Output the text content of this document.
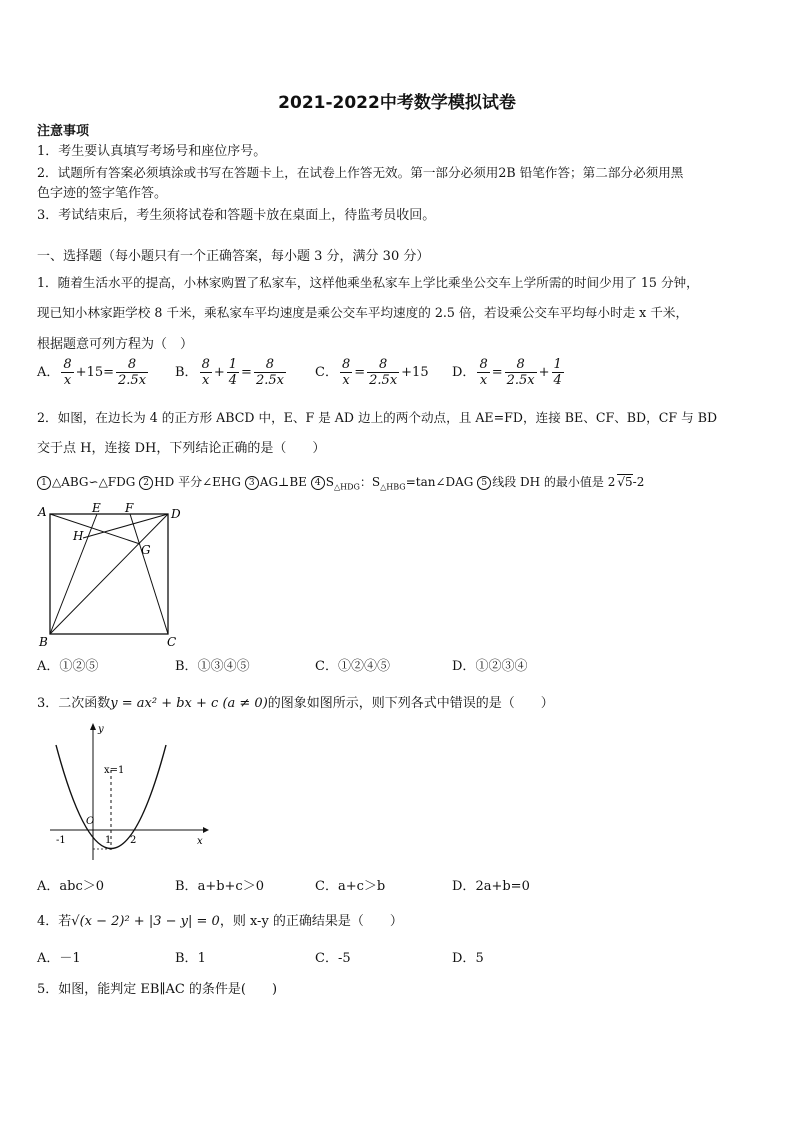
2021-2022中考数学模拟试卷
注意事项
1．考生要认真填写考场号和座位序号。
2．试题所有答案必须填涂或书写在答题卡上，在试卷上作答无效。第一部分必须用2B 铅笔作答；第二部分必须用黑
色字迹的签字笔作答。
3．考试结束后，考生须将试卷和答题卡放在桌面上，待监考员收回。
一、选择题（每小题只有一个正确答案，每小题 3 分，满分 30 分）
1．随着生活水平的提高，小林家购置了私家车，这样他乘坐私家车上学比乘坐公交车上学所需的时间少用了 15 分钟，
现已知小林家距学校 8 千米，乘私家车平均速度是乘公交车平均速度的 2.5 倍，若设乘公交车平均每小时走 x 千米，
根据题意可列方程为（　）
A． $\frac{8}{x} +15= \frac{8}{2.5x}$ B． $\frac{8}{x} + \frac{1}{4} = \frac{8}{2.5x}$ C． $\frac{8}{x} = \frac{8}{2.5x} +15$ D． $\frac{8}{x} = \frac{8}{2.5x} + \frac{1}{4}$
2．如图，在边长为 4 的正方形 ABCD 中，E、F 是 AD 边上的两个动点，且 AE=FD，连接 BE、CF、BD，CF 与 BD
交于点 H，连接 DH，下列结论正确的是（　　）
1 △ABG∽△FDG 2 HD 平分∠EHG 3 AG⊥BE 4 $S_{\triangle HDG}$：$S_{\triangle HBG}=\tan\angle DAG$ 5 线段 DH 的最小值是 2 √5-2
A	E F	D
H
G
B	C
A．①②⑤	B．①③④⑤	C．①②④⑤	D．①②③④
3．二次函数y = ax² + bx + c (a ≠ 0)的图象如图所示，则下列各式中错误的是（　　）
y
x
x=1
-1
O
1 2
A．abc＞0	B．a+b+c＞0	C．a+c＞b	D．2a+b=0
4．若√(x − 2)² + |3 − y| = 0，则 x-y 的正确结果是（　　）
A．－1	B．1	C．-5	D．5
5．如图，能判定 EB∥AC 的条件是(　　)
